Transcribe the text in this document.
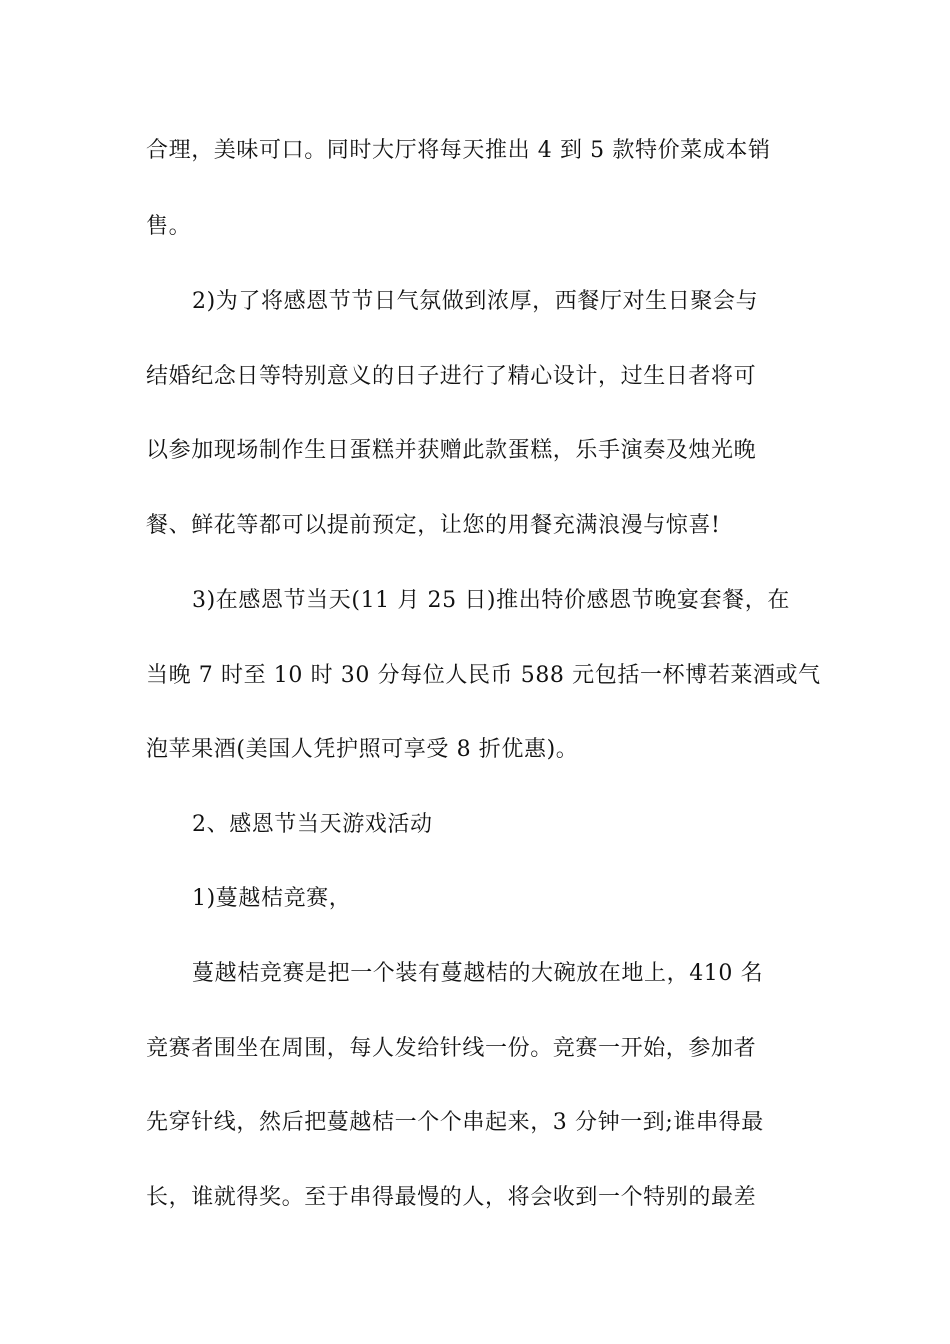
合理，美味可口。同时大厅将每天推出 4 到 5 款特价菜成本销
售。
2)为了将感恩节节日气氛做到浓厚，西餐厅对生日聚会与
结婚纪念日等特别意义的日子进行了精心设计，过生日者将可
以参加现场制作生日蛋糕并获赠此款蛋糕，乐手演奏及烛光晚
餐、鲜花等都可以提前预定，让您的用餐充满浪漫与惊喜!
3)在感恩节当天(11 月 25 日)推出特价感恩节晚宴套餐，在
当晚 7 时至 10 时 30 分每位人民币 588 元包括一杯博若莱酒或气
泡苹果酒(美国人凭护照可享受 8 折优惠)。
2、感恩节当天游戏活动
1)蔓越桔竞赛，
蔓越桔竞赛是把一个装有蔓越桔的大碗放在地上，410 名
竞赛者围坐在周围，每人发给针线一份。竞赛一开始，参加者
先穿针线，然后把蔓越桔一个个串起来，3 分钟一到;谁串得最
长，谁就得奖。至于串得最慢的人，将会收到一个特别的最差
